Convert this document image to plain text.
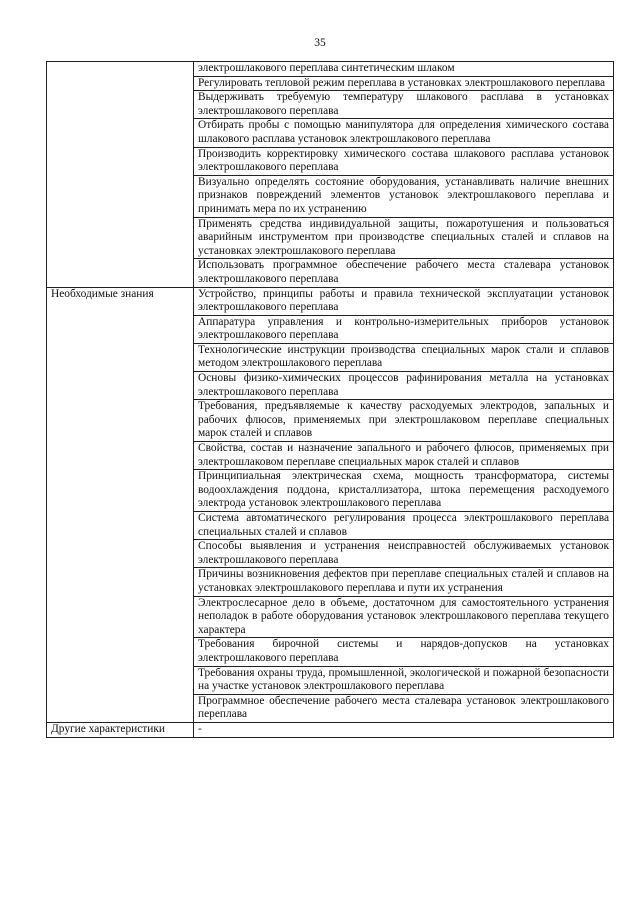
35

	электрошлакового переплава синтетическим шлаком

	Регулировать тепловой режим переплава в установках электрошлакового переплава

	Выдерживать требуемую температуру шлакового расплава в установках электрошлакового переплава

	Отбирать пробы с помощью манипулятора для определения химического состава шлакового расплава установок электрошлакового переплава

	Производить корректировку химического состава шлакового расплава установок электрошлакового переплава

	Визуально определять состояние оборудования, устанавливать наличие внешних признаков повреждений элементов установок электрошлакового переплава и принимать мера по их устранению

	Применять средства индивидуальной защиты, пожаротушения и пользоваться аварийным инструментом при производстве специальных сталей и сплавов на установках электрошлакового переплава

	Использовать программное обеспечение рабочего места сталевара установок электрошлакового переплава

Необходимые знания	Устройство, принципы работы и правила технической эксплуатации установок электрошлакового переплава

	Аппаратура управления и контрольно-измерительных приборов установок электрошлакового переплава

	Технологические инструкции производства специальных марок стали и сплавов методом электрошлакового переплава

	Основы физико-химических процессов рафинирования металла на установках электрошлакового переплава

	Требования, предъявляемые к качеству расходуемых электродов, запальных и рабочих флюсов, применяемых при электрошлаковом переплаве специальных марок сталей и сплавов

	Свойства, состав и назначение запального и рабочего флюсов, применяемых при электрошлаковом переплаве специальных марок сталей и сплавов

	Принципиальная электрическая схема, мощность трансформатора, системы водоохлаждения поддона, кристаллизатора, штока перемещения расходуемого электрода установок электрошлакового переплава

	Система автоматического регулирования процесса электрошлакового переплава специальных сталей и сплавов

	Способы выявления и устранения неисправностей обслуживаемых установок электрошлакового переплава

	Причины возникновения дефектов при переплаве специальных сталей и сплавов на установках электрошлакового переплава и пути их устранения

	Электрослесарное дело в объеме, достаточном для самостоятельного устранения неполадок в работе оборудования установок электрошлакового переплава текущего характера

	Требования бирочной системы и нарядов-допусков на установках электрошлакового переплава

	Требования охраны труда, промышленной, экологической и пожарной безопасности на участке установок электрошлакового переплава

	Программное обеспечение рабочего места сталевара установок электрошлакового переплава

Другие характеристики	-
